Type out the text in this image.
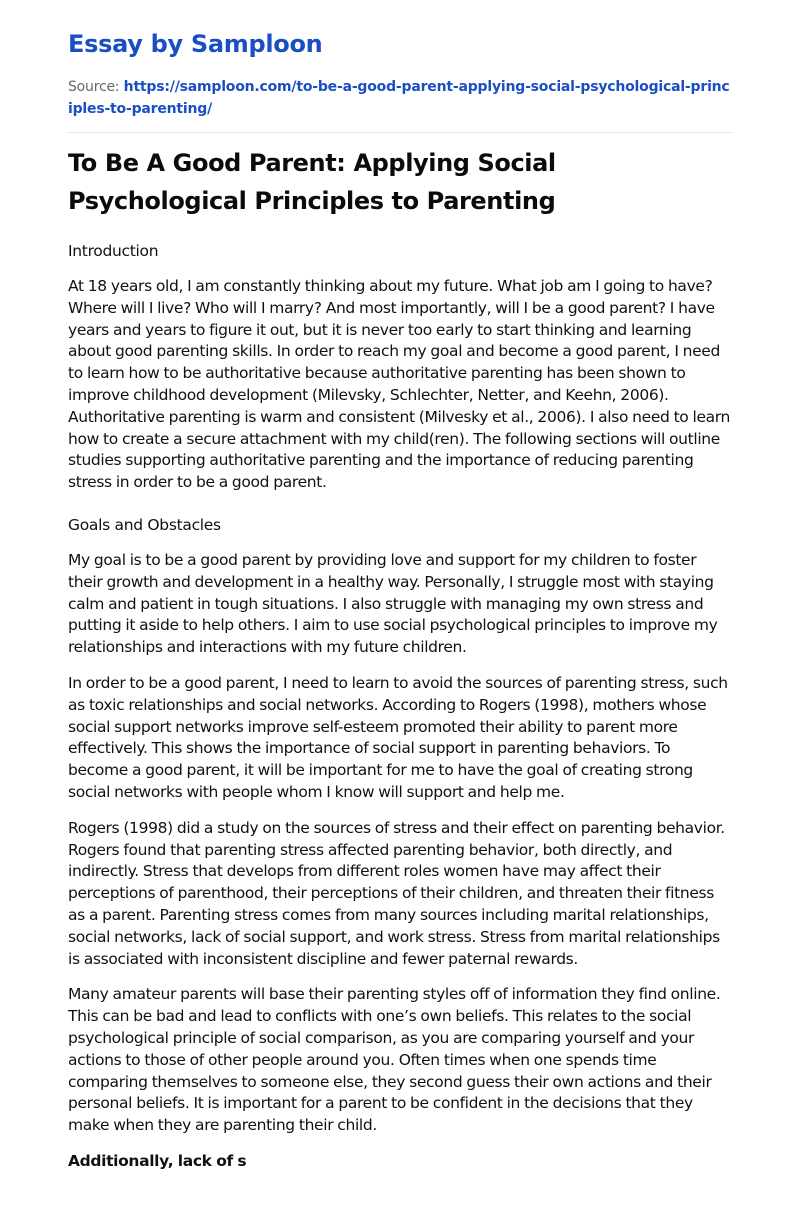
Essay by Samploon
Source: https://samploon.com/to-be-a-good-parent-applying-social-psychological-principles-to-parenting/
To Be A Good Parent: Applying Social Psychological Principles to Parenting
Introduction

At 18 years old, I am constantly thinking about my future. What job am I going to have? Where will I live? Who will I marry? And most importantly, will I be a good parent? I have years and years to figure it out, but it is never too early to start thinking and learning about good parenting skills. In order to reach my goal and become a good parent, I need to learn how to be authoritative because authoritative parenting has been shown to improve childhood development (Milevsky, Schlechter, Netter, and Keehn, 2006). Authoritative parenting is warm and consistent (Milvesky et al., 2006). I also need to learn how to create a secure attachment with my child(ren). The following sections will outline studies supporting authoritative parenting and the importance of reducing parenting stress in order to be a good parent.

Goals and Obstacles

My goal is to be a good parent by providing love and support for my children to foster their growth and development in a healthy way. Personally, I struggle most with staying calm and patient in tough situations. I also struggle with managing my own stress and putting it aside to help others. I aim to use social psychological principles to improve my relationships and interactions with my future children.

In order to be a good parent, I need to learn to avoid the sources of parenting stress, such as toxic relationships and social networks. According to Rogers (1998), mothers whose social support networks improve self-esteem promoted their ability to parent more effectively. This shows the importance of social support in parenting behaviors. To become a good parent, it will be important for me to have the goal of creating strong social networks with people whom I know will support and help me.

Rogers (1998) did a study on the sources of stress and their effect on parenting behavior. Rogers found that parenting stress affected parenting behavior, both directly, and indirectly. Stress that develops from different roles women have may affect their perceptions of parenthood, their perceptions of their children, and threaten their fitness as a parent. Parenting stress comes from many sources including marital relationships, social networks, lack of social support, and work stress. Stress from marital relationships is associated with inconsistent discipline and fewer paternal rewards.

Many amateur parents will base their parenting styles off of information they find online. This can be bad and lead to conflicts with one’s own beliefs. This relates to the social psychological principle of social comparison, as you are comparing yourself and your actions to those of other people around you. Often times when one spends time comparing themselves to someone else, they second guess their own actions and their personal beliefs. It is important for a parent to be confident in the decisions that they make when they are parenting their child.

Additionally, lack of s
